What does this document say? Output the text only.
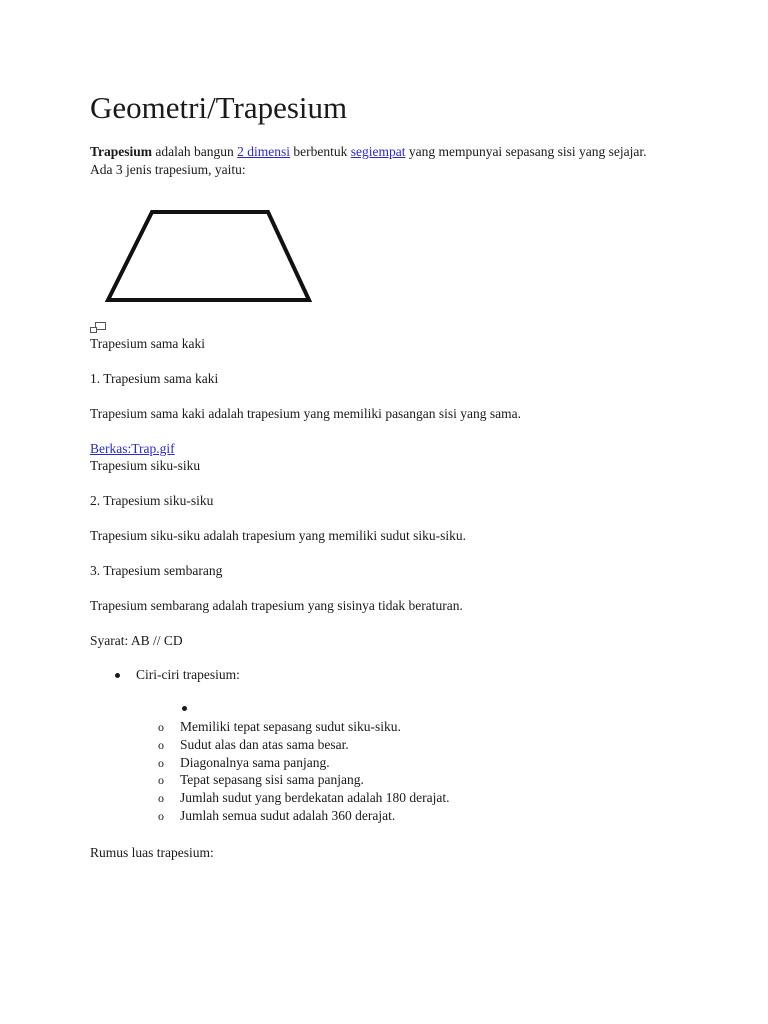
Geometri/Trapesium

Trapesium adalah bangun 2 dimensi berbentuk segiempat yang mempunyai sepasang sisi yang sejajar. Ada 3 jenis trapesium, yaitu:

Trapesium sama kaki

1. Trapesium sama kaki

Trapesium sama kaki adalah trapesium yang memiliki pasangan sisi yang sama.

Berkas:Trap.gif

Trapesium siku-siku

2. Trapesium siku-siku

Trapesium siku-siku adalah trapesium yang memiliki sudut siku-siku.

3. Trapesium sembarang

Trapesium sembarang adalah trapesium yang sisinya tidak beraturan.

Syarat: AB // CD

Ciri-ciri trapesium:
o Memiliki tepat sepasang sudut siku-siku.
o Sudut alas dan atas sama besar.
o Diagonalnya sama panjang.
o Tepat sepasang sisi sama panjang.
o Jumlah sudut yang berdekatan adalah 180 derajat.
o Jumlah semua sudut adalah 360 derajat.

Rumus luas trapesium:
